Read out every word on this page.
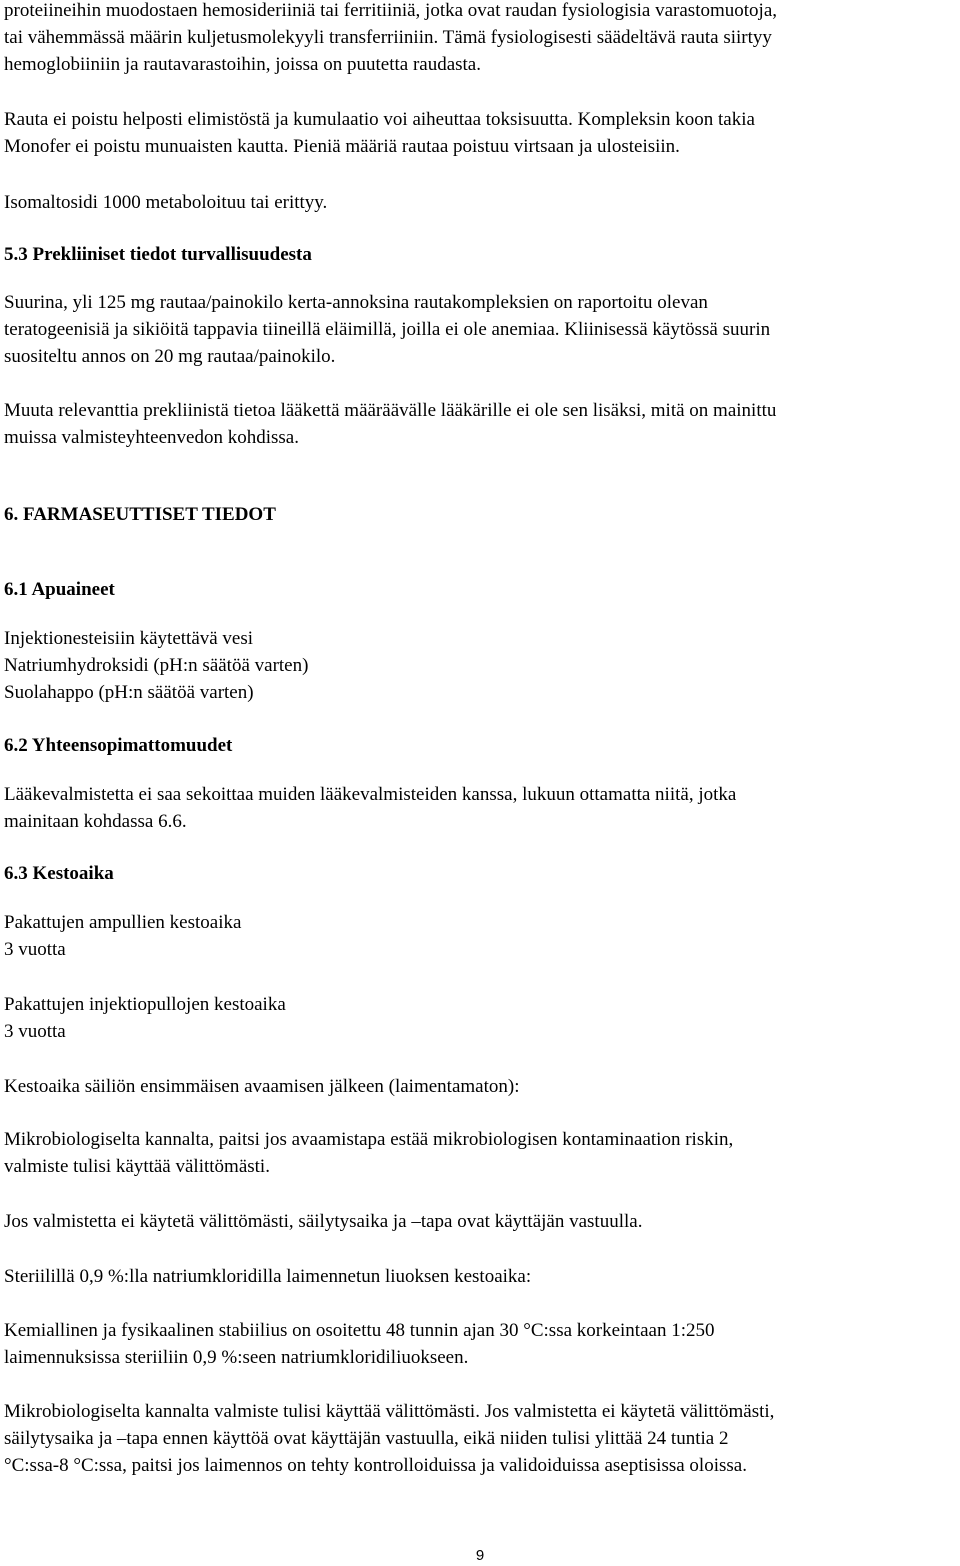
proteiineihin muodostaen hemosideriiniä tai ferritiiniä, jotka ovat raudan fysiologisia varastomuotoja,
tai vähemmässä määrin kuljetusmolekyyli transferriiniin. Tämä fysiologisesti säädeltävä rauta siirtyy
hemoglobiiniin ja rautavarastoihin, joissa on puutetta raudasta.

Rauta ei poistu helposti elimistöstä ja kumulaatio voi aiheuttaa toksisuutta. Kompleksin koon takia
Monofer ei poistu munuaisten kautta. Pieniä määriä rautaa poistuu virtsaan ja ulosteisiin.

Isomaltosidi 1000 metaboloituu tai erittyy.

5.3 Prekliiniset tiedot turvallisuudesta

Suurina, yli 125 mg rautaa/painokilo kerta-annoksina rautakompleksien on raportoitu olevan
teratogeenisiä ja sikiöitä tappavia tiineillä eläimillä, joilla ei ole anemiaa. Kliinisessä käytössä suurin
suositeltu annos on 20 mg rautaa/painokilo.

Muuta relevanttia prekliinistä tietoa lääkettä määräävälle lääkärille ei ole sen lisäksi, mitä on mainittu
muissa valmisteyhteenvedon kohdissa.

6. FARMASEUTTISET TIEDOT

6.1 Apuaineet

Injektionesteisiin käytettävä vesi
Natriumhydroksidi (pH:n säätöä varten)
Suolahappo (pH:n säätöä varten)

6.2 Yhteensopimattomuudet

Lääkevalmistetta ei saa sekoittaa muiden lääkevalmisteiden kanssa, lukuun ottamatta niitä, jotka
mainitaan kohdassa 6.6.

6.3 Kestoaika

Pakattujen ampullien kestoaika
3 vuotta

Pakattujen injektiopullojen kestoaika
3 vuotta

Kestoaika säiliön ensimmäisen avaamisen jälkeen (laimentamaton):

Mikrobiologiselta kannalta, paitsi jos avaamistapa estää mikrobiologisen kontaminaation riskin,
valmiste tulisi käyttää välittömästi.

Jos valmistetta ei käytetä välittömästi, säilytysaika ja –tapa ovat käyttäjän vastuulla.

Steriilillä 0,9 %:lla natriumkloridilla laimennetun liuoksen kestoaika:

Kemiallinen ja fysikaalinen stabiilius on osoitettu 48 tunnin ajan 30 °C:ssa korkeintaan 1:250
laimennuksissa steriiliin 0,9 %:seen natriumkloridiliuokseen.

Mikrobiologiselta kannalta valmiste tulisi käyttää välittömästi. Jos valmistetta ei käytetä välittömästi,
säilytysaika ja –tapa ennen käyttöä ovat käyttäjän vastuulla, eikä niiden tulisi ylittää 24 tuntia 2
°C:ssa-8 °C:ssa, paitsi jos laimennos on tehty kontrolloiduissa ja validoiduissa aseptisissa oloissa.

9
